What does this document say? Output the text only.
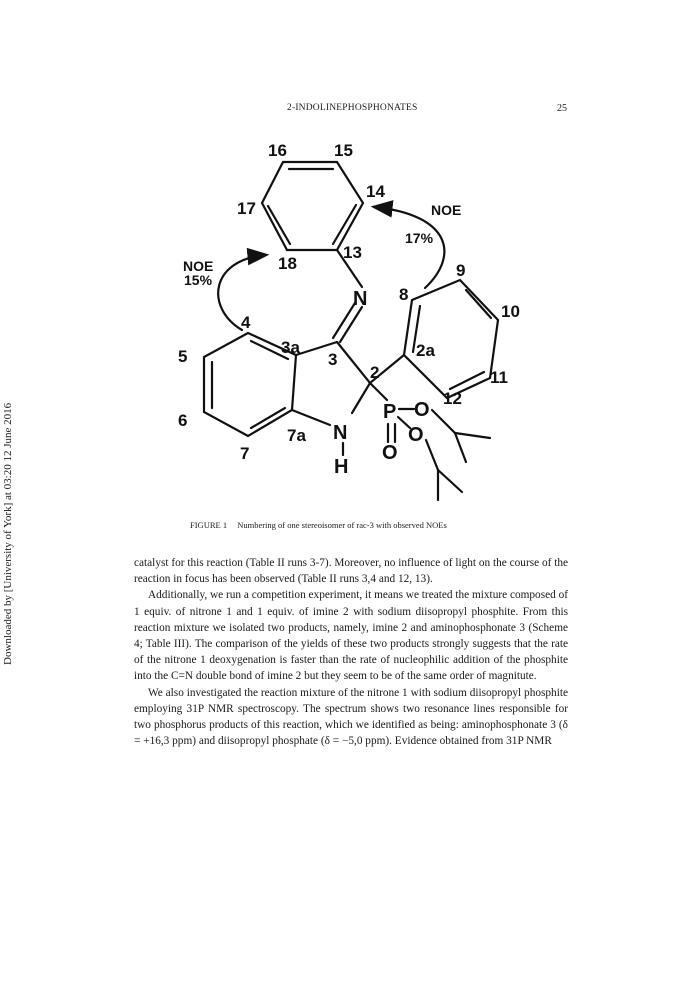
Downloaded by [University of York] at 03:20 12 June 2016
2-INDOLINEPHOSPHONATES	25
16	15
17
14
13
18
N 8
9
10
11
12
2a
2
3
3a
4
5
6
7
7a N
H
P O
O
O
NOE
17%
NOE
15%
FIGURE 1 Numbering of one stereoisomer of rac-3 with observed NOEs

catalyst for this reaction (Table II runs 3-7). Moreover, no influence of light on the course of the reaction in focus has been observed (Table II runs 3,4 and 12, 13).

Additionally, we run a competition experiment, it means we treated the mixture composed of 1 equiv. of nitrone 1 and 1 equiv. of imine 2 with sodium diisopropyl phosphite. From this reaction mixture we isolated two products, namely, imine 2 and aminophosphonate 3 (Scheme 4; Table III). The comparison of the yields of these two products strongly suggests that the rate of the nitrone 1 deoxygenation is faster than the rate of nucleophilic addition of the phosphite into the C=N double bond of imine 2 but they seem to be of the same order of magnitute.

We also investigated the reaction mixture of the nitrone 1 with sodium diisopropyl phosphite employing 31P NMR spectroscopy. The spectrum shows two resonance lines responsible for two phosphorus products of this reaction, which we identified as being: aminophosphonate 3 (δ = +16,3 ppm) and diisopropyl phosphate (δ = −5,0 ppm). Evidence obtained from 31P NMR
